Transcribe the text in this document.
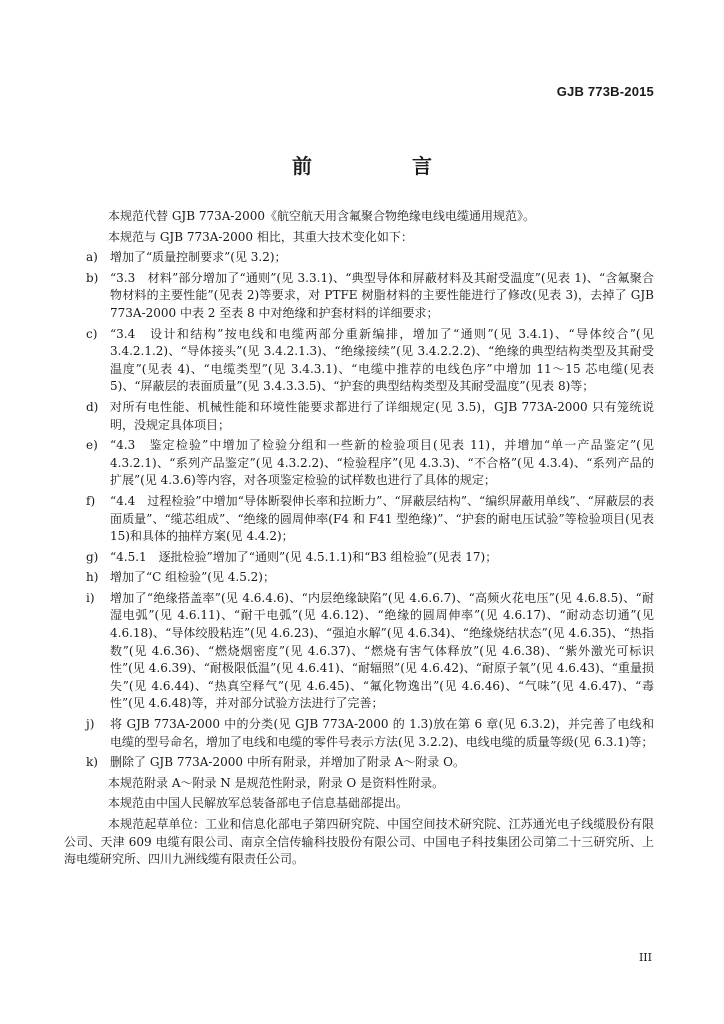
GJB 773B-2015
前　言

本规范代替 GJB 773A-2000《航空航天用含氟聚合物绝缘电线电缆通用规范》。

本规范与 GJB 773A-2000 相比，其重大技术变化如下：

a)	增加了“质量控制要求”(见 3.2)；
b) “3.3　材料”部分增加了“通则”(见 3.3.1)、“典型导体和屏蔽材料及其耐受温度”(见表 1)、“含氟聚合物材料的主要性能”(见表 2)等要求，对 PTFE 树脂材料的主要性能进行了修改(见表 3)，去掉了 GJB 773A-2000 中表 2 至表 8 中对绝缘和护套材料的详细要求；
c)	“3.4　设计和结构”按电线和电缆两部分重新编排，增加了“通则”(见 3.4.1)、“导体绞合”(见 3.4.2.1.2)、“导体接头”(见 3.4.2.1.3)、“绝缘接续”(见 3.4.2.2.2)、“绝缘的典型结构类型及其耐受温度”(见表 4)、“电缆类型”(见 3.4.3.1)、“电缆中推荐的电线色序”中增加 11～15 芯电缆(见表 5)、“屏蔽层的表面质量”(见 3.4.3.3.5)、“护套的典型结构类型及其耐受温度”(见表 8)等；
d) 对所有电性能、机械性能和环境性能要求都进行了详细规定(见 3.5)，GJB 773A-2000 只有笼统说明，没规定具体项目；
e)	“4.3　鉴定检验”中增加了检验分组和一些新的检验项目(见表 11)，并增加“单一产品鉴定”(见 4.3.2.1)、“系列产品鉴定”(见 4.3.2.2)、“检验程序”(见 4.3.3)、“不合格”(见 4.3.4)、“系列产品的扩展”(见 4.3.6)等内容，对各项鉴定检验的试样数也进行了具体的规定；
f)	“4.4　过程检验”中增加“导体断裂伸长率和拉断力”、“屏蔽层结构”、“编织屏蔽用单线”、“屏蔽层的表面质量”、“缆芯组成”、“绝缘的圆周伸率(F4 和 F41 型绝缘)”、“护套的耐电压试验”等检验项目(见表 15)和具体的抽样方案(见 4.4.2)；
g) “4.5.1　逐批检验”增加了“通则”(见 4.5.1.1)和“B3 组检验”(见表 17)；
h) 增加了“C 组检验”(见 4.5.2)；
i)	增加了“绝缘搭盖率”(见 4.6.4.6)、“内层绝缘缺陷”(见 4.6.6.7)、“高频火花电压”(见 4.6.8.5)、“耐湿电弧”(见 4.6.11)、“耐干电弧”(见 4.6.12)、“绝缘的圆周伸率”(见 4.6.17)、“耐动态切通”(见 4.6.18)、“导体绞股粘连”(见 4.6.23)、“强迫水解”(见 4.6.34)、“绝缘烧结状态”(见 4.6.35)、“热指数”(见 4.6.36)、“燃烧烟密度”(见 4.6.37)、“燃烧有害气体释放”(见 4.6.38)、“紫外激光可标识性”(见 4.6.39)、“耐极限低温”(见 4.6.41)、“耐辐照”(见 4.6.42)、“耐原子氧”(见 4.6.43)、“重量损失”(见 4.6.44)、“热真空释气”(见 4.6.45)、“氟化物逸出”(见 4.6.46)、“气味”(见 4.6.47)、“毒性”(见 4.6.48)等，并对部分试验方法进行了完善；
j)	将 GJB 773A-2000 中的分类(见 GJB 773A-2000 的 1.3)放在第 6 章(见 6.3.2)，并完善了电线和电缆的型号命名，增加了电线和电缆的零件号表示方法(见 3.2.2)、电线电缆的质量等级(见 6.3.1)等；
k)	删除了 GJB 773A-2000 中所有附录，并增加了附录 A～附录 O。

本规范附录 A～附录 N 是规范性附录，附录 O 是资料性附录。

本规范由中国人民解放军总装备部电子信息基础部提出。

本规范起草单位：工业和信息化部电子第四研究院、中国空间技术研究院、江苏通光电子线缆股份有限公司、天津 609 电缆有限公司、南京全信传输科技股份有限公司、中国电子科技集团公司第二十三研究所、上海电缆研究所、四川九洲线缆有限责任公司。

III
